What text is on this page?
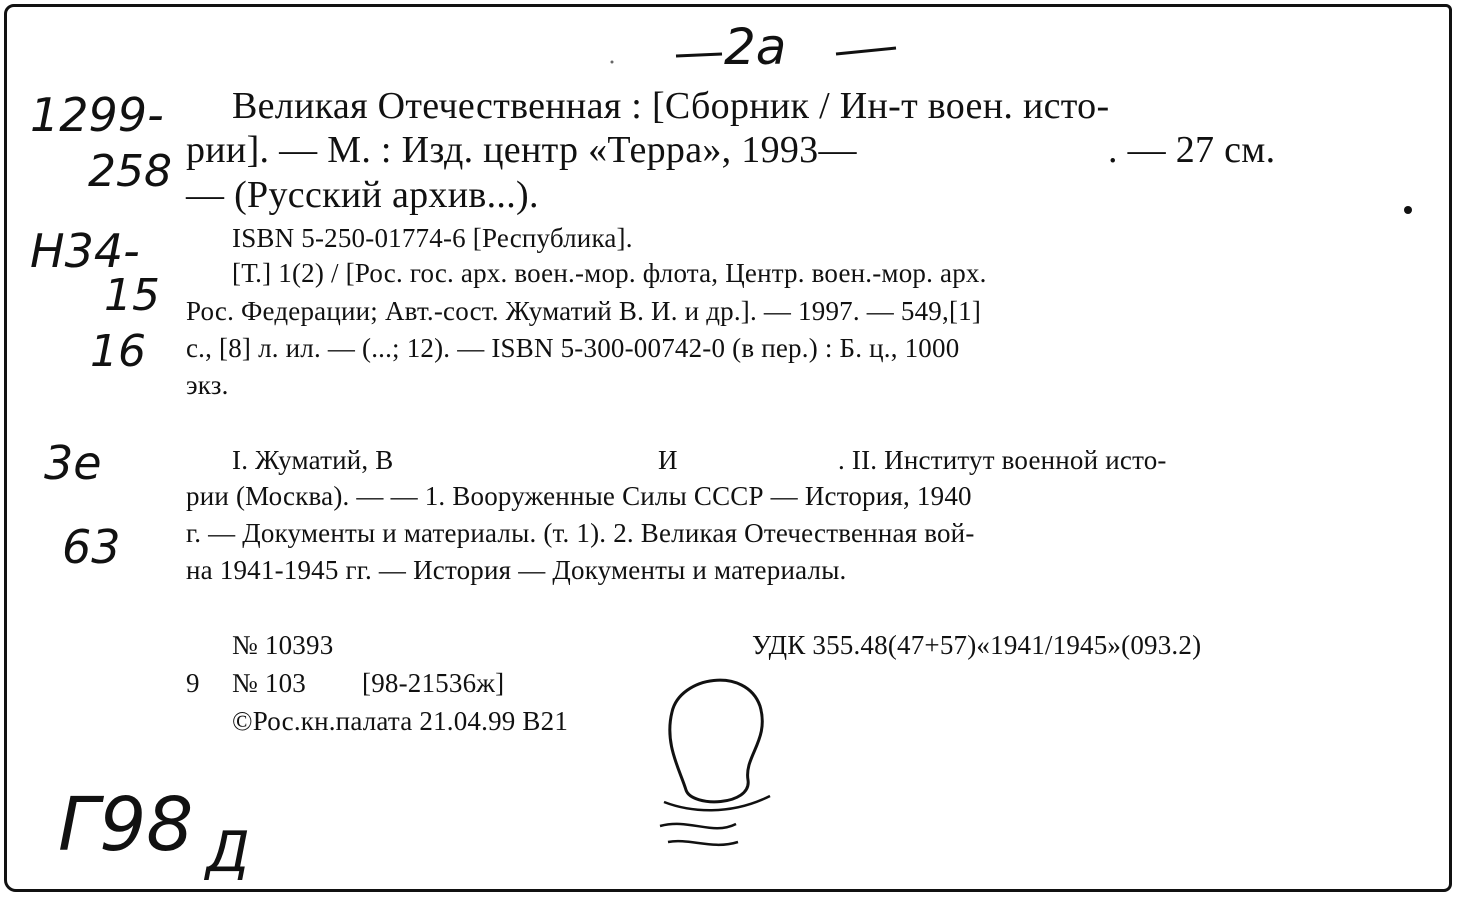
2а
1299-
258
Н34-
15
16
3е
63
Г98 Д
Великая Отечественная : [Сборник / Ин-т воен. исто-
рии]. — М. : Изд. центр «Терра», 1993—	. — 27 см.
— (Русский архив...).
ISBN 5-250-01774-6 [Республика].
[Т.] 1(2) / [Рос. гос. арх. воен.-мор. флота, Центр. воен.-мор. арх.
Рос. Федерации; Авт.-сост. Жуматий В. И. и др.]. — 1997. — 549,[1]
с., [8] л. ил. — (...; 12). — ISBN 5-300-00742-0 (в пер.) : Б. ц., 1000
экз.
I. Жуматий, В	И	. II. Институт военной исто-
рии (Москва). — — 1. Вооруженные Силы СССР — История, 1940
г. — Документы и материалы. (т. 1). 2. Великая Отечественная вой-
на 1941-1945 гг. — История — Документы и материалы.
№ 10393	УДК 355.48(47+57)«1941/1945»(093.2)
9 № 103 [98-21536ж]
©Рос.кн.палата 21.04.99 B21
